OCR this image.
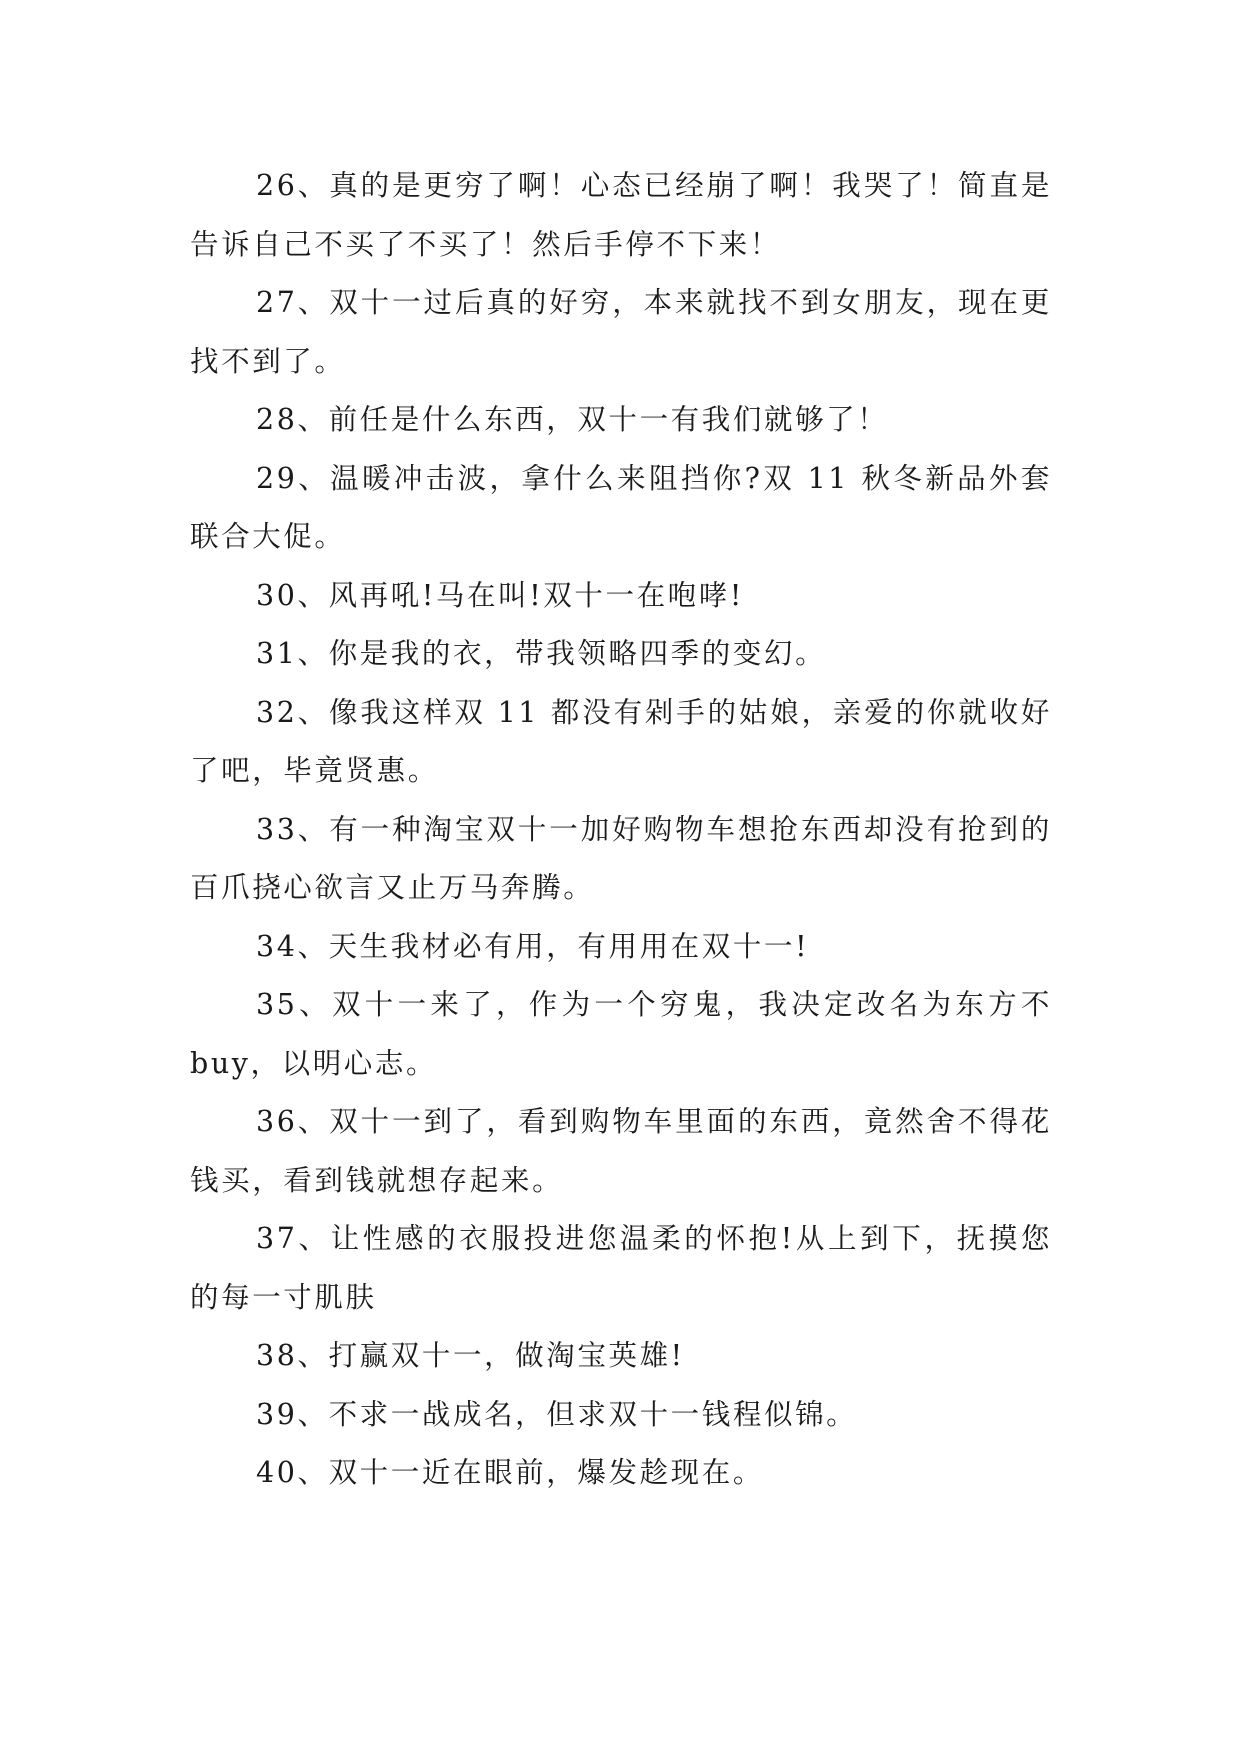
26、真的是更穷了啊！心态已经崩了啊！我哭了！简直是告诉自己不买了不买了！然后手停不下来！

27、双十一过后真的好穷，本来就找不到女朋友，现在更找不到了。

28、前任是什么东西，双十一有我们就够了！

29、温暖冲击波，拿什么来阻挡你?双 11 秋冬新品外套联合大促。

30、风再吼!马在叫!双十一在咆哮!

31、你是我的衣，带我领略四季的变幻。

32、像我这样双 11 都没有剁手的姑娘，亲爱的你就收好了吧，毕竟贤惠。

33、有一种淘宝双十一加好购物车想抢东西却没有抢到的百爪挠心欲言又止万马奔腾。

34、天生我材必有用，有用用在双十一!

35、双十一来了，作为一个穷鬼，我决定改名为东方不buy，以明心志。

36、双十一到了，看到购物车里面的东西，竟然舍不得花钱买，看到钱就想存起来。

37、让性感的衣服投进您温柔的怀抱!从上到下，抚摸您的每一寸肌肤

38、打赢双十一，做淘宝英雄!

39、不求一战成名，但求双十一钱程似锦。

40、双十一近在眼前，爆发趁现在。
